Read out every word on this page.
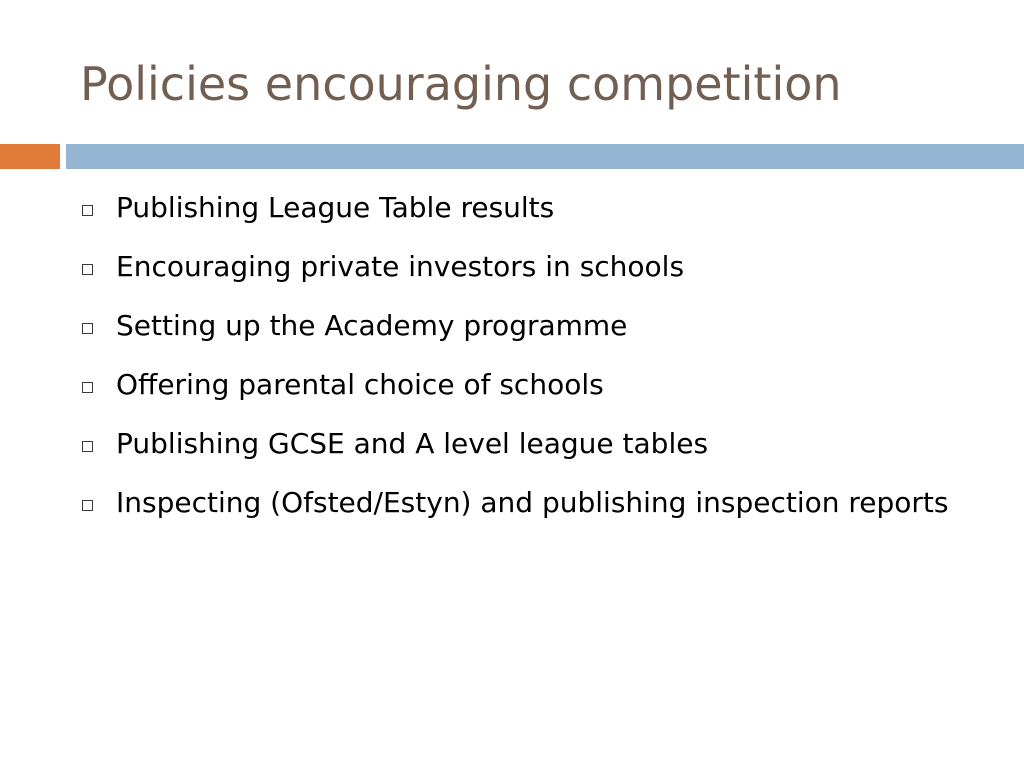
Policies encouraging competition
Publishing League Table results
Encouraging private investors in schools
Setting up the Academy programme
Offering parental choice of schools
Publishing GCSE and A level league tables
Inspecting (Ofsted/Estyn) and publishing inspection reports
